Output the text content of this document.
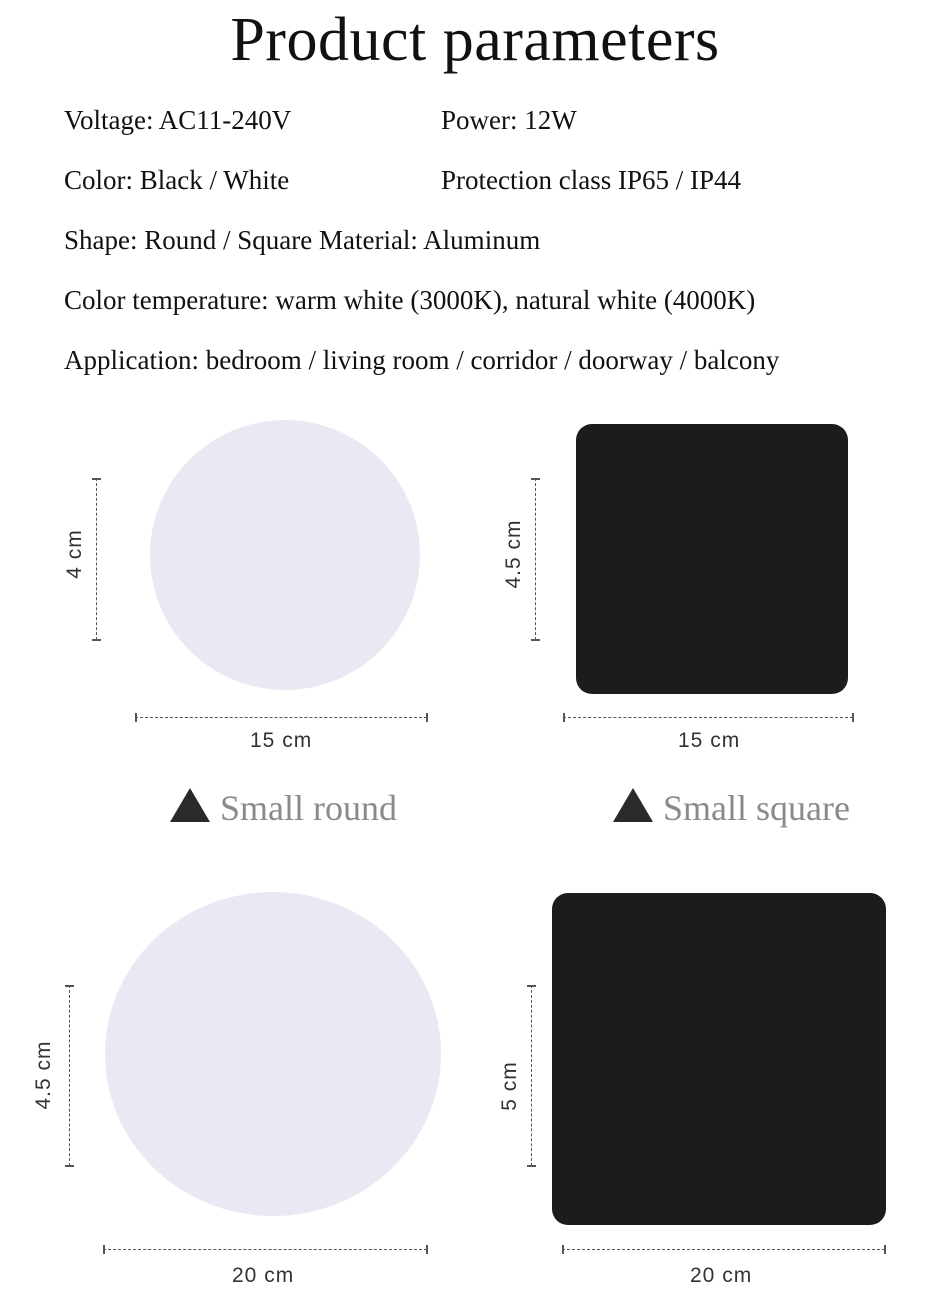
Product parameters
Voltage: AC11-240V	Power: 12W
Color: Black / White	Protection class IP65 / IP44
Shape: Round / Square Material: Aluminum
Color temperature: warm white (3000K), natural white (4000K)
Application: bedroom / living room / corridor / doorway / balcony
4 cm
15 cm
4.5 cm
15 cm
Small round	Small square
4.5 cm
20 cm
5 cm
20 cm
